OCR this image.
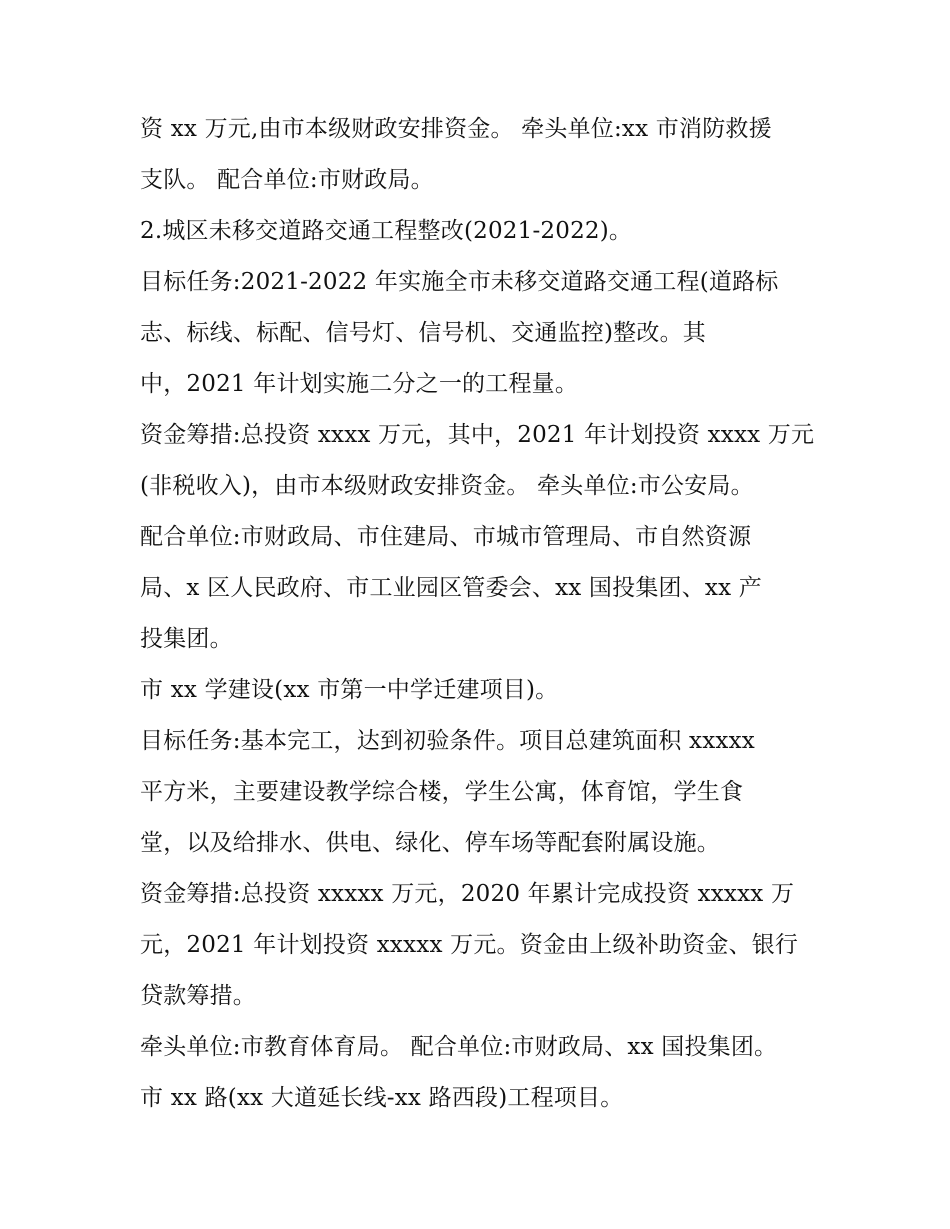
资 xx 万元,由市本级财政安排资金。 牵头单位:xx 市消防救援
支队。 配合单位:市财政局。
2.城区未移交道路交通工程整改(2021-2022)。
目标任务:2021-2022 年实施全市未移交道路交通工程(道路标
志、标线、标配、信号灯、信号机、交通监控)整改。其
中，2021 年计划实施二分之一的工程量。
资金筹措:总投资 xxxx 万元，其中，2021 年计划投资 xxxx 万元
(非税收入)，由市本级财政安排资金。 牵头单位:市公安局。
配合单位:市财政局、市住建局、市城市管理局、市自然资源
局、x 区人民政府、市工业园区管委会、xx 国投集团、xx 产
投集团。
市 xx 学建设(xx 市第一中学迁建项目)。
目标任务:基本完工，达到初验条件。项目总建筑面积 xxxxx
平方米，主要建设教学综合楼，学生公寓，体育馆，学生食
堂，以及给排水、供电、绿化、停车场等配套附属设施。
资金筹措:总投资 xxxxx 万元，2020 年累计完成投资 xxxxx 万
元，2021 年计划投资 xxxxx 万元。资金由上级补助资金、银行
贷款筹措。
牵头单位:市教育体育局。 配合单位:市财政局、xx 国投集团。
市 xx 路(xx 大道延长线-xx 路西段)工程项目。
